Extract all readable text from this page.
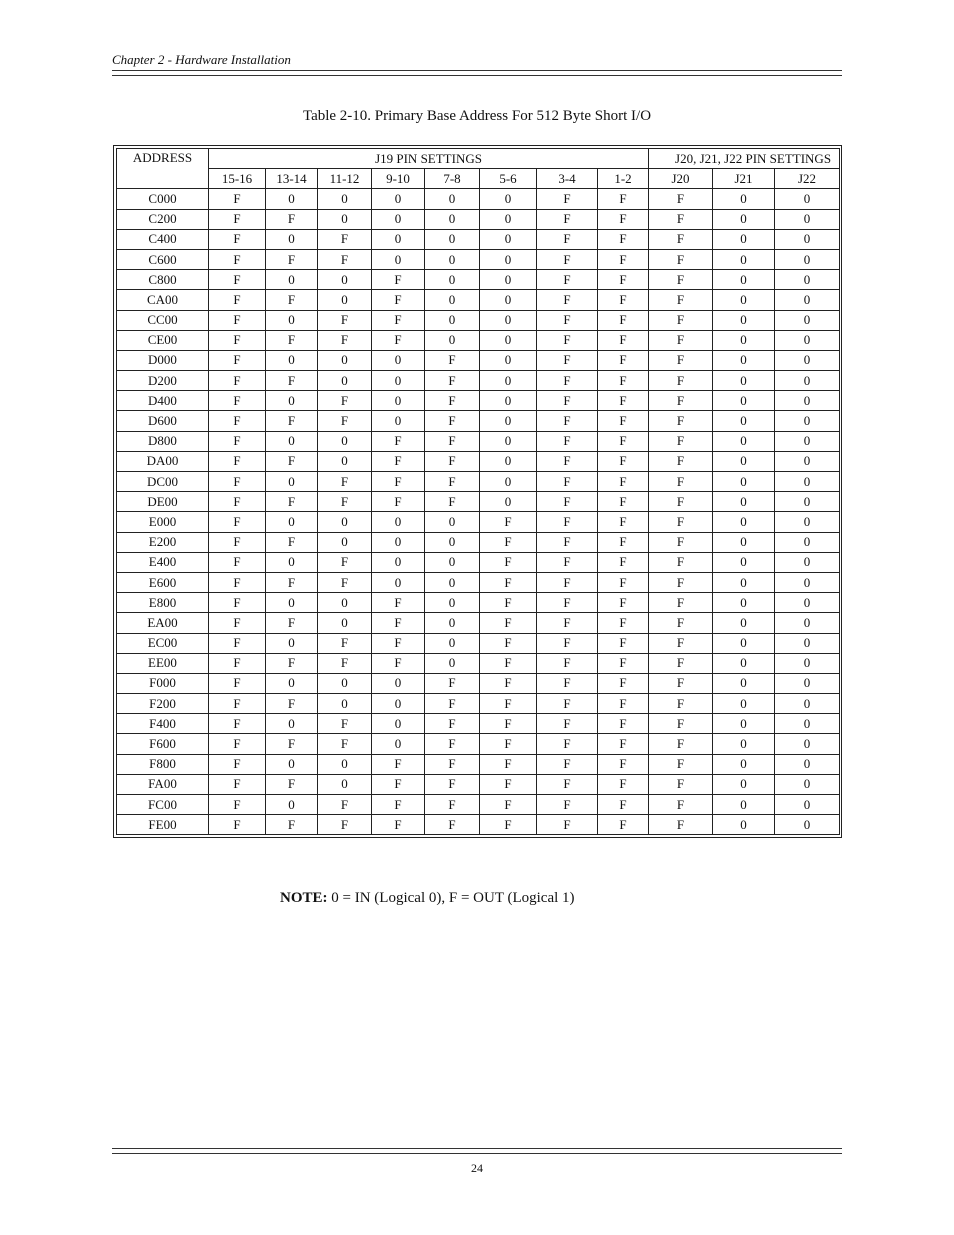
Chapter 2 - Hardware Installation
Table 2-10. Primary Base Address For 512 Byte Short I/O
ADDRESS	J19 PIN SETTINGS								J20, J21, J22 PIN SETTINGS		
	15-16	13-14	11-12	9-10	7-8	5-6	3-4	1-2	J20	J21	J22
C000	F	0	0	0	0	0	F	F	F	0	0
C200	F	F	0	0	0	0	F	F	F	0	0
C400	F	0	F	0	0	0	F	F	F	0	0
C600	F	F	F	0	0	0	F	F	F	0	0
C800	F	0	0	F	0	0	F	F	F	0	0
CA00	F	F	0	F	0	0	F	F	F	0	0
CC00	F	0	F	F	0	0	F	F	F	0	0
CE00	F	F	F	F	0	0	F	F	F	0	0
D000	F	0	0	0	F	0	F	F	F	0	0
D200	F	F	0	0	F	0	F	F	F	0	0
D400	F	0	F	0	F	0	F	F	F	0	0
D600	F	F	F	0	F	0	F	F	F	0	0
D800	F	0	0	F	F	0	F	F	F	0	0
DA00	F	F	0	F	F	0	F	F	F	0	0
DC00	F	0	F	F	F	0	F	F	F	0	0
DE00	F	F	F	F	F	0	F	F	F	0	0
E000	F	0	0	0	0	F	F	F	F	0	0
E200	F	F	0	0	0	F	F	F	F	0	0
E400	F	0	F	0	0	F	F	F	F	0	0
E600	F	F	F	0	0	F	F	F	F	0	0
E800	F	0	0	F	0	F	F	F	F	0	0
EA00	F	F	0	F	0	F	F	F	F	0	0
EC00	F	0	F	F	0	F	F	F	F	0	0
EE00	F	F	F	F	0	F	F	F	F	0	0
F000	F	0	0	0	F	F	F	F	F	0	0
F200	F	F	0	0	F	F	F	F	F	0	0
F400	F	0	F	0	F	F	F	F	F	0	0
F600	F	F	F	0	F	F	F	F	F	0	0
F800	F	0	0	F	F	F	F	F	F	0	0
FA00	F	F	0	F	F	F	F	F	F	0	0
FC00	F	0	F	F	F	F	F	F	F	0	0
FE00	F	F	F	F	F	F	F	F	F	0	0
NOTE: 0 = IN (Logical 0), F = OUT (Logical 1)
24
